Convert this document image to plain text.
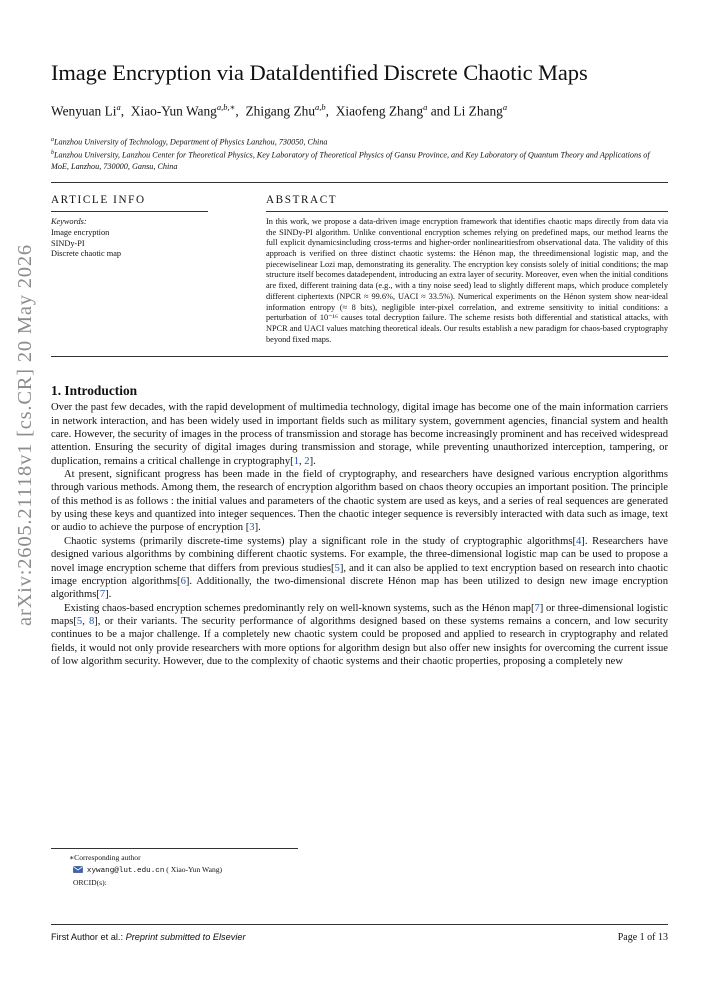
arXiv:2605.21118v1 [cs.CR] 20 May 2026
Image Encryption via DataIdentified Discrete Chaotic Maps
Wenyuan Li$^a$, Xiao-Yun Wang$^{a,b,∗}$, Zhigang Zhu$^{a,b}$, Xiaofeng Zhang$^a$ and Li Zhang$^a$
$^a$Lanzhou University of Technology, Department of Physics Lanzhou, 730050, China
$^b$Lanzhou University, Lanzhou Center for Theoretical Physics, Key Laboratory of Theoretical Physics of Gansu Province, and Key Laboratory of Quantum Theory and Applications of MoE, Lanzhou, 730000, Gansu, China
ARTICLE INFO
Keywords:
Image encryption
SINDy-PI
Discrete chaotic map
ABSTRACT
In this work, we propose a data-driven image encryption framework that identifies chaotic maps directly from data via the SINDy-PI algorithm. Unlike conventional encryption schemes relying on predefined maps, our method learns the full explicit dynamicsincluding cross-terms and higher-order nonlinearitiesfrom observational data. The validity of this approach is verified on three distinct chaotic systems: the Hénon map, the threedimensional logistic map, and the piecewiselinear Lozi map, demonstrating its generality. The encryption key consists solely of initial conditions; the map structure itself becomes datadependent, introducing an extra layer of security. Moreover, even when the initial conditions are fixed, different training data (e.g., with a tiny noise seed) lead to slightly different maps, which produce completely different ciphertexts (NPCR ≈ 99.6%, UACI ≈ 33.5%). Numerical experiments on the Hénon system show near-ideal information entropy (≈ 8 bits), negligible inter-pixel correlation, and extreme sensitivity to initial conditions: a perturbation of 10⁻¹⁶ causes total decryption failure. The scheme resists both differential and statistical attacks, with NPCR and UACI values matching theoretical ideals. Our results establish a new paradigm for chaos-based cryptography beyond fixed maps.
1. Introduction

Over the past few decades, with the rapid development of multimedia technology, digital image has become one of the main information carriers in network interaction, and has been widely used in important fields such as military system, government agencies, financial system and health care. However, the security of images in the process of transmission and storage has become increasingly prominent and has received widespread attention. Ensuring the security of digital images during transmission and storage, while preventing unauthorized interception, tampering, or duplication, remains a critical challenge in cryptography[1, 2].

At present, significant progress has been made in the field of cryptography, and researchers have designed various encryption algorithms through various methods. Among them, the research of encryption algorithm based on chaos theory occupies an important position. The principle of this method is as follows : the initial values and parameters of the chaotic system are used as keys, and a series of real sequences are generated by using these keys and quantized into integer sequences. Then the chaotic integer sequence is reversibly interacted with data such as image, text or audio to achieve the purpose of encryption [3].

Chaotic systems (primarily discrete-time systems) play a significant role in the study of cryptographic algorithms[4]. Researchers have designed various algorithms by combining different chaotic systems. For example, the three-dimensional logistic map can be used to propose a novel image encryption scheme that differs from previous studies[5], and it can also be applied to text encryption based on research into chaotic image encryption algorithms[6]. Additionally, the two-dimensional discrete Hénon map has been utilized to design new image encryption algorithms[7].

Existing chaos-based encryption schemes predominantly rely on well-known systems, such as the Hénon map[7] or three-dimensional logistic maps[5, 8], or their variants. The security performance of algorithms designed based on these systems remains a concern, and low security continues to be a major challenge. If a completely new chaotic system could be proposed and applied to research in cryptography and related fields, it would not only provide researchers with more options for algorithm design but also offer new insights for overcoming the current issue of low algorithm security. However, due to the complexity of chaotic systems and their chaotic properties, proposing a completely new

∗Corresponding author
xywang@lut.edu.cn ( Xiao-Yun Wang)
ORCID(s):
First Author et al.: Preprint submitted to Elsevier	Page 1 of 13
